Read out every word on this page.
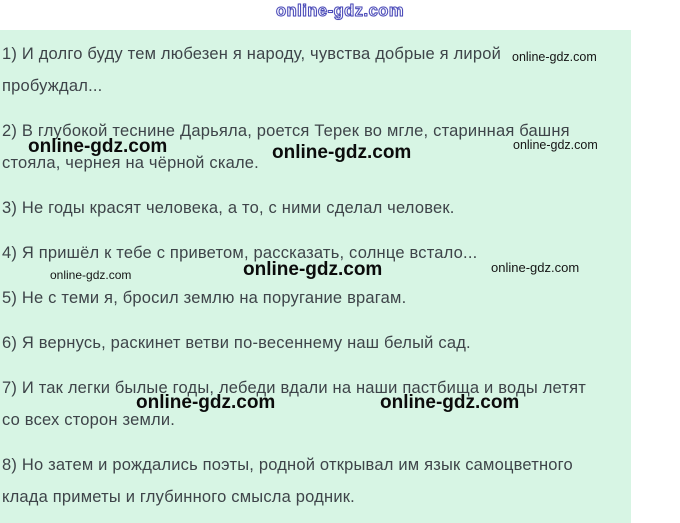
online-gdz.com
1) И долго буду тем любезен я народу, чувства добрые я лирой
пробуждал...
2) В глубокой теснине Дарьяла, роется Терек во мгле, старинная башня
стояла, чернея на чёрной скале.
3) Не годы красят человека, а то, с ними сделал человек.
4) Я пришёл к тебе с приветом, рассказать, солнце встало...
5) Не с теми я, бросил землю на поругание врагам.
6) Я вернусь, раскинет ветви по-весеннему наш белый сад.
7) И так легки былые годы, лебеди вдали на наши пастбища и воды летят
со всех сторон земли.
8) Но затем и рождались поэты, родной открывал им язык самоцветного
клада приметы и глубинного смысла родник.
online-gdz.com
online-gdz.com	online-gdz.com	online-gdz.com
online-gdz.com	online-gdz.com	online-gdz.com
online-gdz.com	online-gdz.com
